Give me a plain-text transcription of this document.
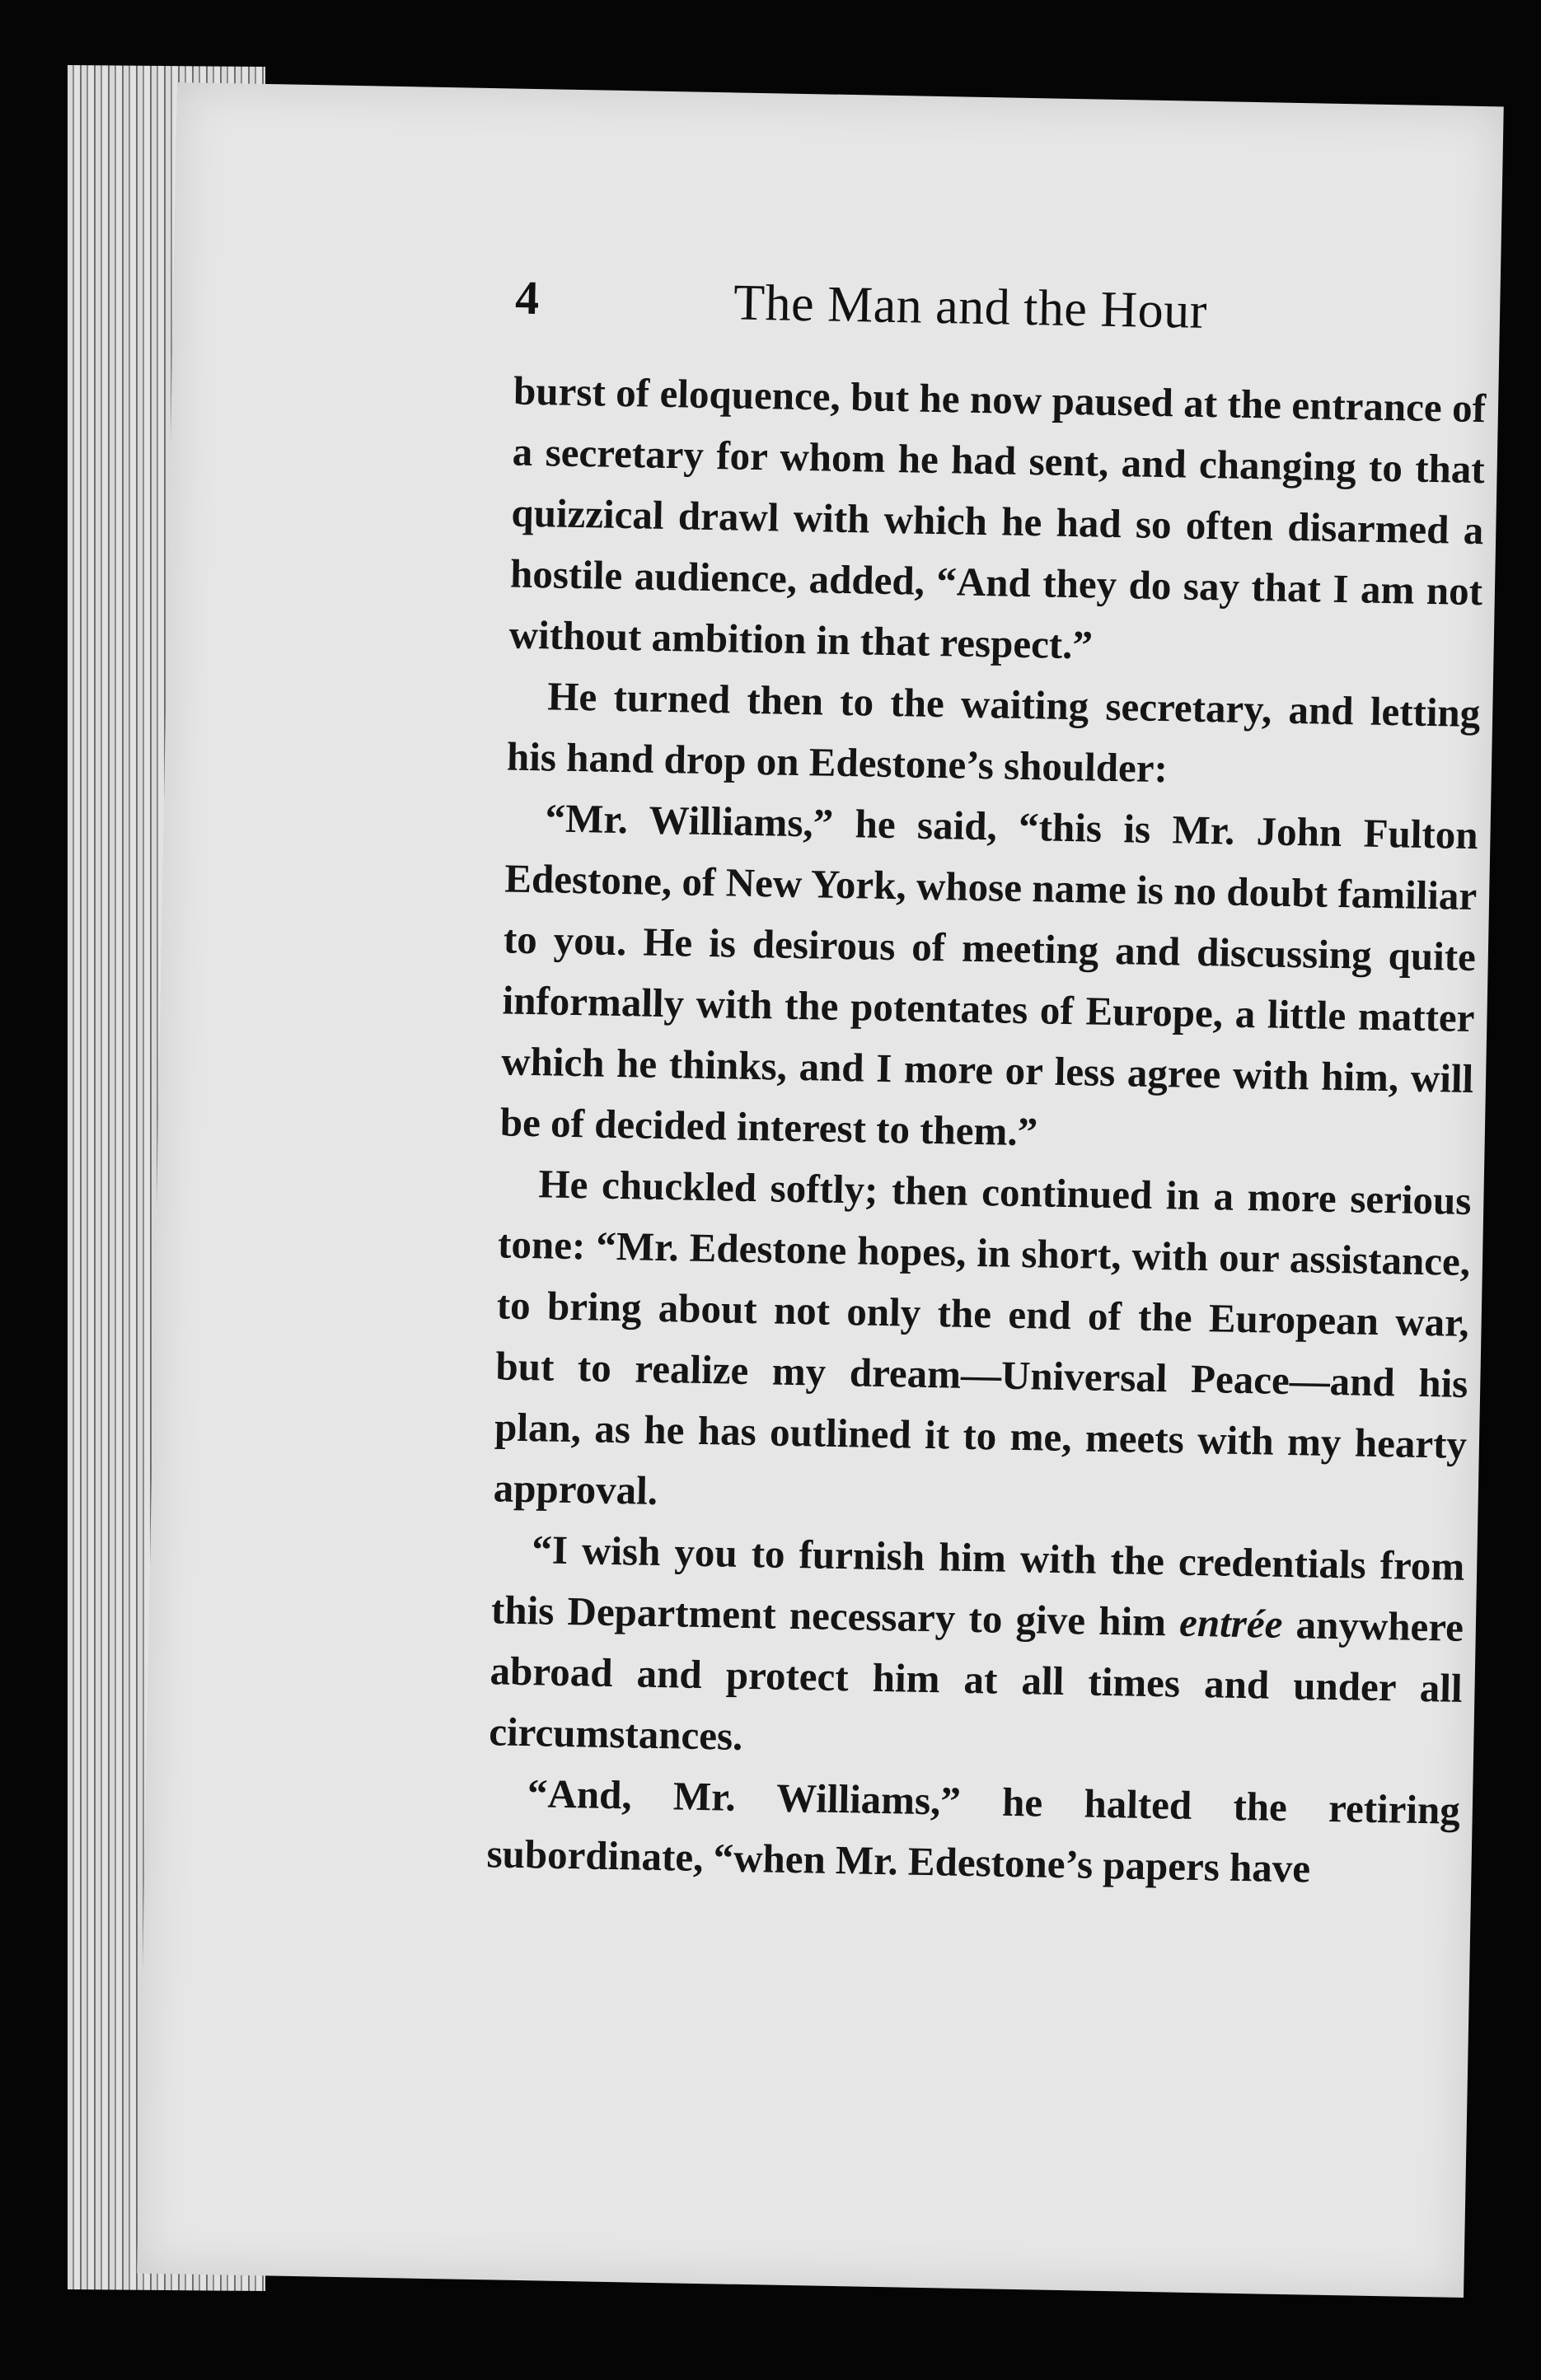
4	The Man and the Hour

burst of eloquence, but he now paused at the entrance of a secretary for whom he had sent, and changing to that quizzical drawl with which he had so often disarmed a hostile audience, added, “And they do say that I am not without ambition in that respect.”

He turned then to the waiting secretary, and letting his hand drop on Edestone’s shoulder:

“Mr. Williams,” he said, “this is Mr. John Fulton Edestone, of New York, whose name is no doubt familiar to you. He is desirous of meeting and discussing quite informally with the potentates of Europe, a little matter which he thinks, and I more or less agree with him, will be of decided interest to them.”

He chuckled softly; then continued in a more serious tone: “Mr. Edestone hopes, in short, with our assistance, to bring about not only the end of the European war, but to realize my dream—Universal Peace—and his plan, as he has outlined it to me, meets with my hearty approval.

“I wish you to furnish him with the credentials from this Department necessary to give him entrée anywhere abroad and protect him at all times and under all circumstances.

“And, Mr. Williams,” he halted the retiring subordinate, “when Mr. Edestone’s papers have
